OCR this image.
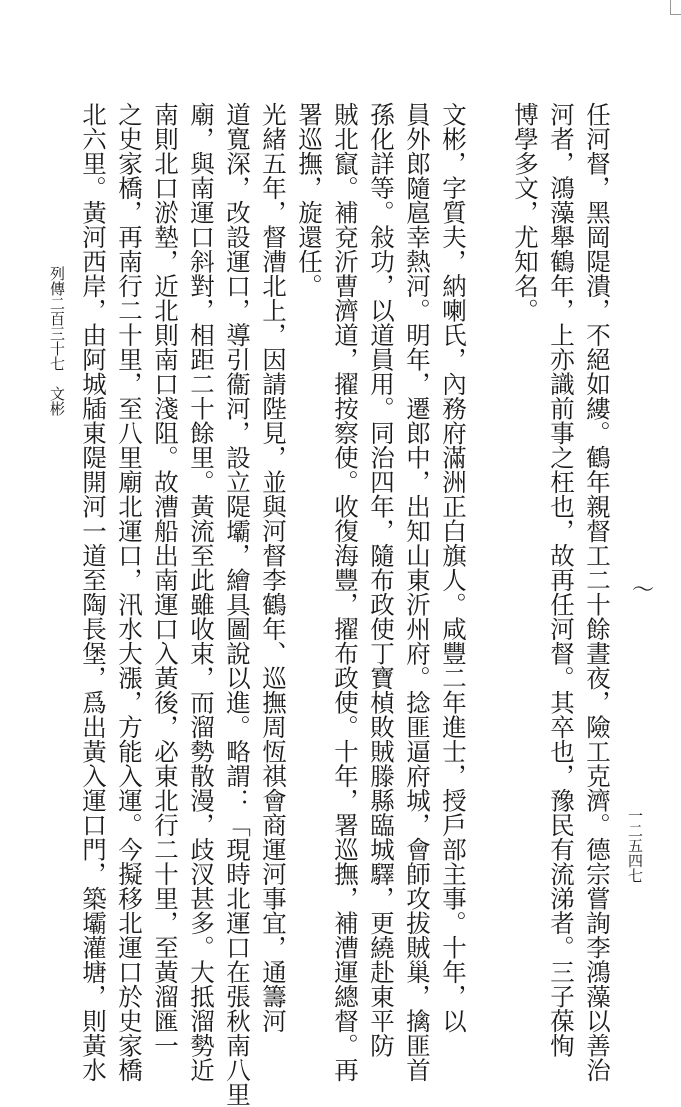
〜
任河督，黑岡隄潰，不絕如縷。鶴年親督工二十餘晝夜，險工克濟。德宗嘗詢李鴻藻以善治
河者，鴻藻舉鶴年，上亦識前事之枉也，故再任河督。其卒也，豫民有流涕者。三子葆恂
博學多文，尤知名。
文彬，字質夫，納喇氏，內務府滿洲正白旗人。咸豐二年進士，授戶部主事。十年，以
員外郎隨扈幸熱河。明年，遷郎中，出知山東沂州府。捻匪逼府城，會師攻拔賊巢，擒匪首
孫化詳等。敍功，以道員用。同治四年，隨布政使丁寶楨敗賊滕縣臨城驛，更繞赴東平防
賊北竄。補兗沂曹濟道，擢按察使。收復海豐，擢布政使。十年，署巡撫，補漕運總督。再
署巡撫，旋還任。
光緒五年，督漕北上，因請陛見，並與河督李鶴年、巡撫周恆祺會商運河事宜，通籌河
道寬深，改設運口，導引衞河，設立隄壩，繪具圖說以進。略謂：「現時北運口在張秋南八里
廟，與南運口斜對，相距二十餘里。黃流至此雖收束，而溜勢散漫，歧汊甚多。大抵溜勢近
南則北口淤墊，近北則南口淺阻。故漕船出南運口入黃後，必東北行二十里，至黃溜匯一
之史家橋，再南行二十里，至八里廟北運口，汛水大漲，方能入運。今擬移北運口於史家橋
北六里。黃河西岸，由阿城牐東隄開河一道至陶長堡，爲出黃入運口門，築壩灌塘，則黃水	一二五四七
列傳二百三十七　文彬
